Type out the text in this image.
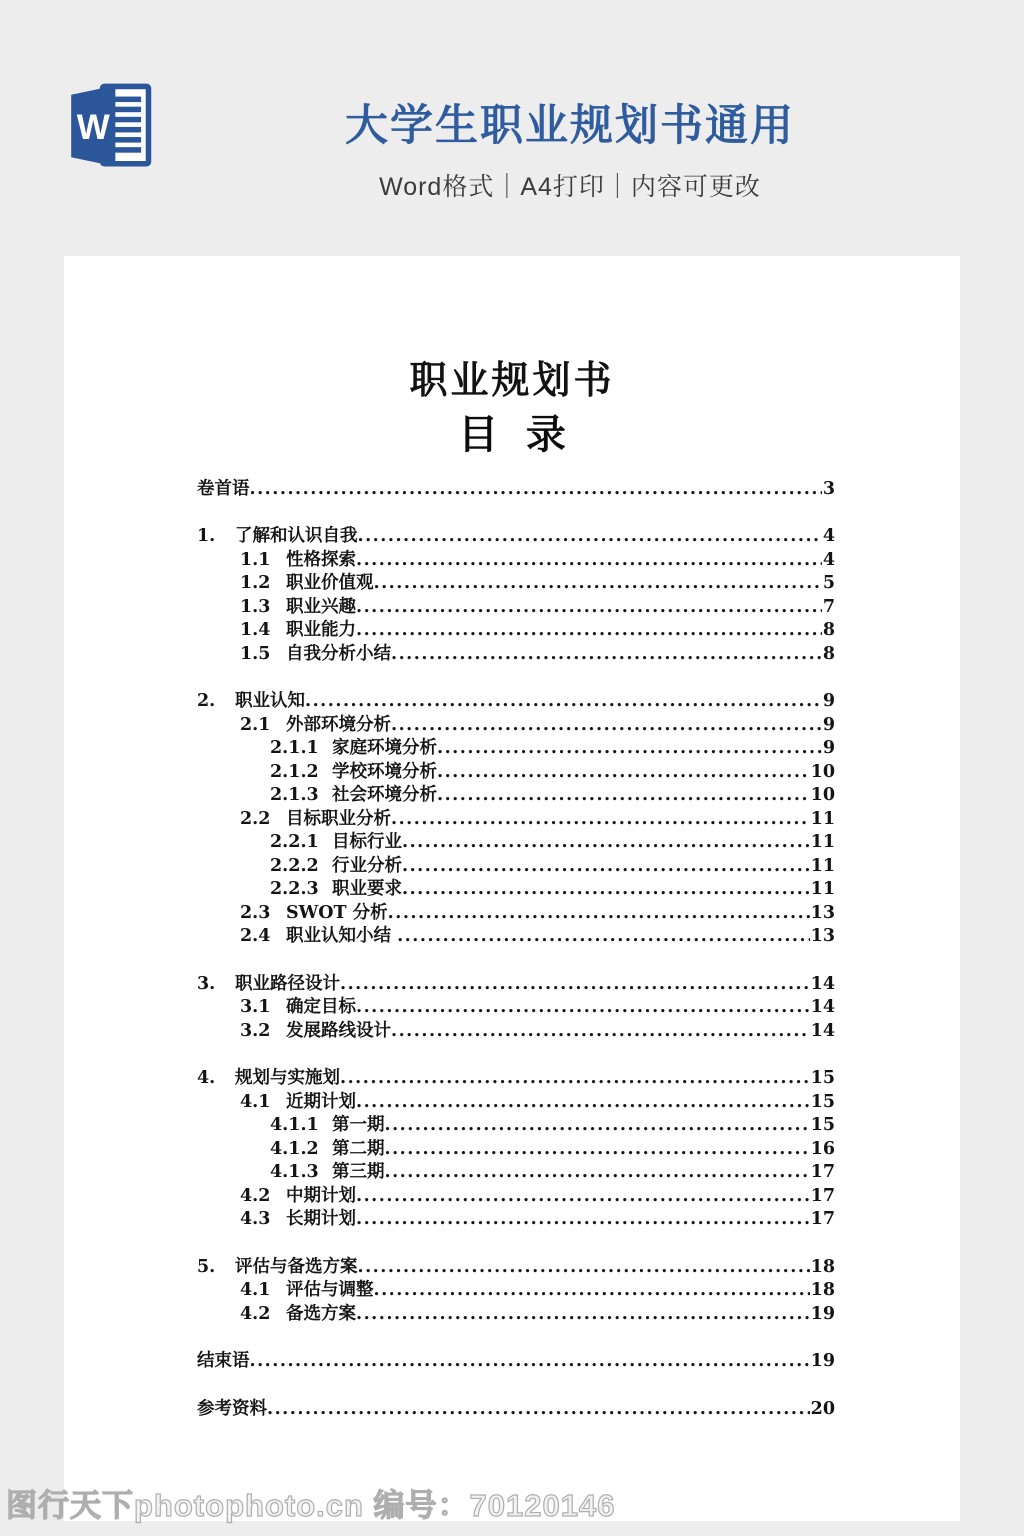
W	大学生职业规划书通用
Word格式｜A4打印｜内容可更改
职业规划书
目  录
卷首语 .....	3
1.	了解和认识自我 .....	4
1.1 性格探索 .....	4
1.2 职业价值观 .....	5
1.3 职业兴趣 .....	7
1.4 职业能力 .....	8
1.5 自我分析小结 .....	8
2.	职业认知 .....	9
2.1 外部环境分析 .....	9
2.1.1 家庭环境分析 .....	9
2.1.2 学校环境分析 .....	10
2.1.3 社会环境分析 .....	10
2.2 目标职业分析 .....	11
2.2.1 目标行业 .....	11
2.2.2 行业分析 .....	11
2.2.3 职业要求 .....	11
2.3 SWOT 分析 .....	13
2.4 职业认知小结 .....	13
3.	职业路径设计 .....	14
3.1 确定目标 .....	14
3.2 发展路线设计 .....	14
4.	规划与实施划 .....	15
4.1 近期计划 .....	15
4.1.1 第一期 .....	15
4.1.2 第二期 .....	16
4.1.3 第三期 .....	17
4.2 中期计划 .....	17
4.3 长期计划 .....	17
5.	评估与备选方案 .....	18
4.1 评估与调整 .....	18
4.2 备选方案 .....	19
结束语 .....	19
参考资料 .....	20
图行天下photophoto.cn 编号：70120146
